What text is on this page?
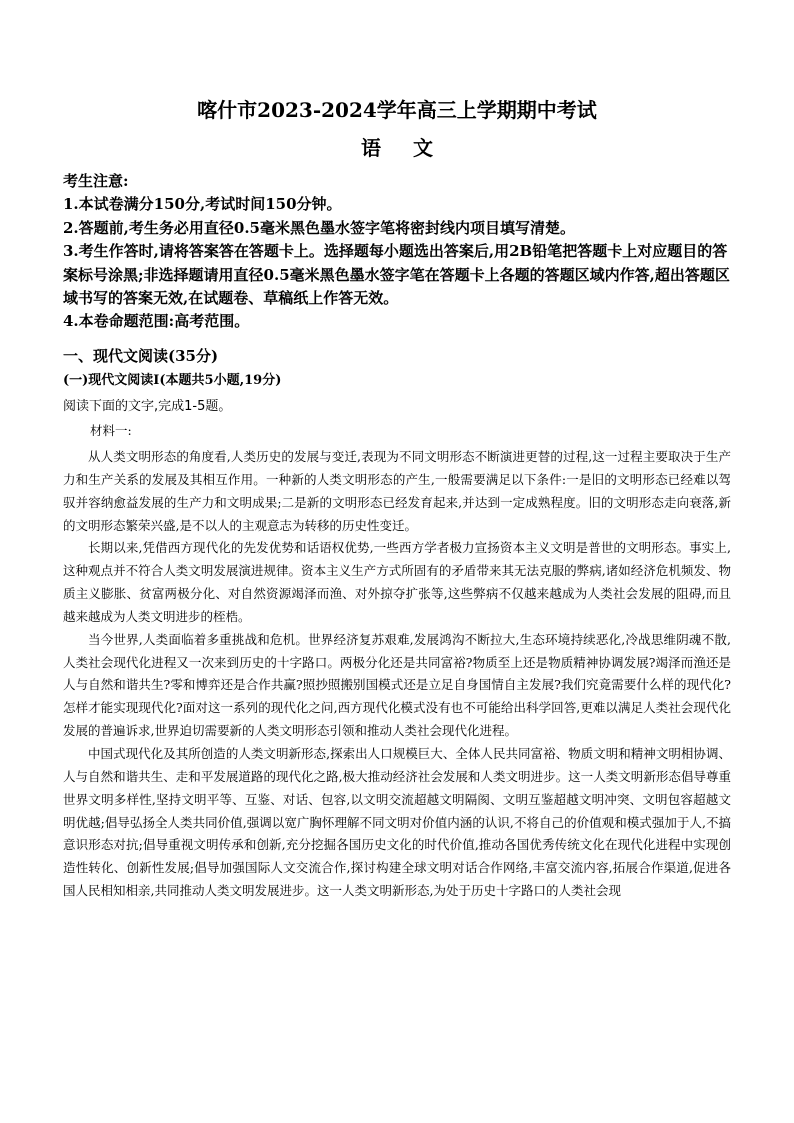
喀什市2023-2024学年高三上学期期中考试
语文

考生注意:

1.本试卷满分150分,考试时间150分钟。

2.答题前,考生务必用直径0.5毫米黑色墨水签字笔将密封线内项目填写清楚。

3.考生作答时,请将答案答在答题卡上。选择题每小题选出答案后,用2B铅笔把答题卡上对应题目的答案标号涂黑;非选择题请用直径0.5毫米黑色墨水签字笔在答题卡上各题的答题区域内作答,超出答题区域书写的答案无效,在试题卷、草稿纸上作答无效。

4.本卷命题范围:高考范围。

一、现代文阅读(35分)
(一)现代文阅读Ⅰ(本题共5小题,19分)
阅读下面的文字,完成1-5题。
材料一:

从人类文明形态的角度看,人类历史的发展与变迁,表现为不同文明形态不断演进更替的过程,这一过程主要取决于生产力和生产关系的发展及其相互作用。一种新的人类文明形态的产生,一般需要满足以下条件:一是旧的文明形态已经难以驾驭并容纳愈益发展的生产力和文明成果;二是新的文明形态已经发育起来,并达到一定成熟程度。旧的文明形态走向衰落,新的文明形态繁荣兴盛,是不以人的主观意志为转移的历史性变迁。

长期以来,凭借西方现代化的先发优势和话语权优势,一些西方学者极力宣扬资本主义文明是普世的文明形态。事实上,这种观点并不符合人类文明发展演进规律。资本主义生产方式所固有的矛盾带来其无法克服的弊病,诸如经济危机频发、物质主义膨胀、贫富两极分化、对自然资源竭泽而渔、对外掠夺扩张等,这些弊病不仅越来越成为人类社会发展的阻碍,而且越来越成为人类文明进步的桎梏。

当今世界,人类面临着多重挑战和危机。世界经济复苏艰难,发展鸿沟不断拉大,生态环境持续恶化,冷战思维阴魂不散,人类社会现代化进程又一次来到历史的十字路口。两极分化还是共同富裕?物质至上还是物质精神协调发展?竭泽而渔还是人与自然和谐共生?零和博弈还是合作共赢?照抄照搬别国模式还是立足自身国情自主发展?我们究竟需要什么样的现代化?怎样才能实现现代化?面对这一系列的现代化之问,西方现代化模式没有也不可能给出科学回答,更难以满足人类社会现代化发展的普遍诉求,世界迫切需要新的人类文明形态引领和推动人类社会现代化进程。

中国式现代化及其所创造的人类文明新形态,探索出人口规模巨大、全体人民共同富裕、物质文明和精神文明相协调、人与自然和谐共生、走和平发展道路的现代化之路,极大推动经济社会发展和人类文明进步。这一人类文明新形态倡导尊重世界文明多样性,坚持文明平等、互鉴、对话、包容,以文明交流超越文明隔阂、文明互鉴超越文明冲突、文明包容超越文明优越;倡导弘扬全人类共同价值,强调以宽广胸怀理解不同文明对价值内涵的认识,不将自己的价值观和模式强加于人,不搞意识形态对抗;倡导重视文明传承和创新,充分挖掘各国历史文化的时代价值,推动各国优秀传统文化在现代化进程中实现创造性转化、创新性发展;倡导加强国际人文交流合作,探讨构建全球文明对话合作网络,丰富交流内容,拓展合作渠道,促进各国人民相知相亲,共同推动人类文明发展进步。这一人类文明新形态,为处于历史十字路口的人类社会现
